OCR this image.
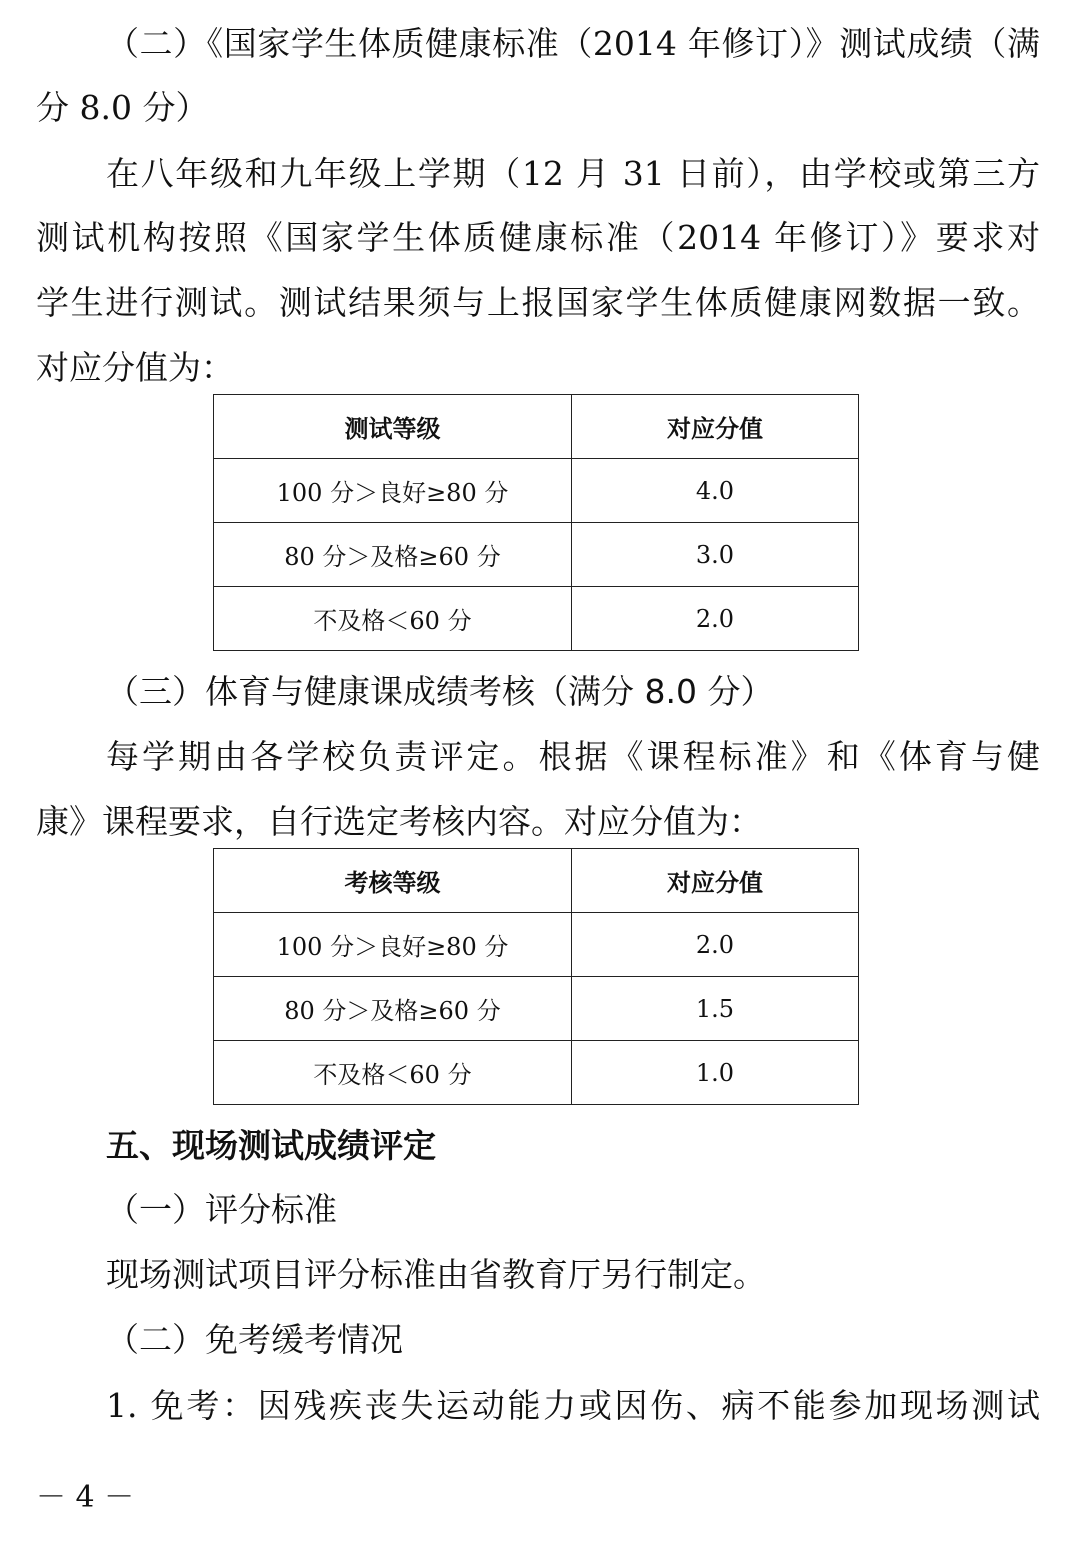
（二）《国家学生体质健康标准（2014 年修订）》测试成绩（满
分 8.0 分）
在八年级和九年级上学期（12 月 31 日前），由学校或第三方
测试机构按照《国家学生体质健康标准（2014 年修订）》要求对
学生进行测试。测试结果须与上报国家学生体质健康网数据一致。
对应分值为：
测试等级	对应分值
100 分＞良好≥80 分	4.0
80 分＞及格≥60 分	3.0
不及格＜60 分	2.0
（三）体育与健康课成绩考核（满分 8.0 分）
每学期由各学校负责评定。根据《课程标准》和《体育与健
康》课程要求，自行选定考核内容。对应分值为：
考核等级	对应分值
100 分＞良好≥80 分	2.0
80 分＞及格≥60 分	1.5
不及格＜60 分	1.0
五、现场测试成绩评定
（一）评分标准
现场测试项目评分标准由省教育厅另行制定。
（二）免考缓考情况
1. 免考：因残疾丧失运动能力或因伤、病不能参加现场测试
－ 4 －
